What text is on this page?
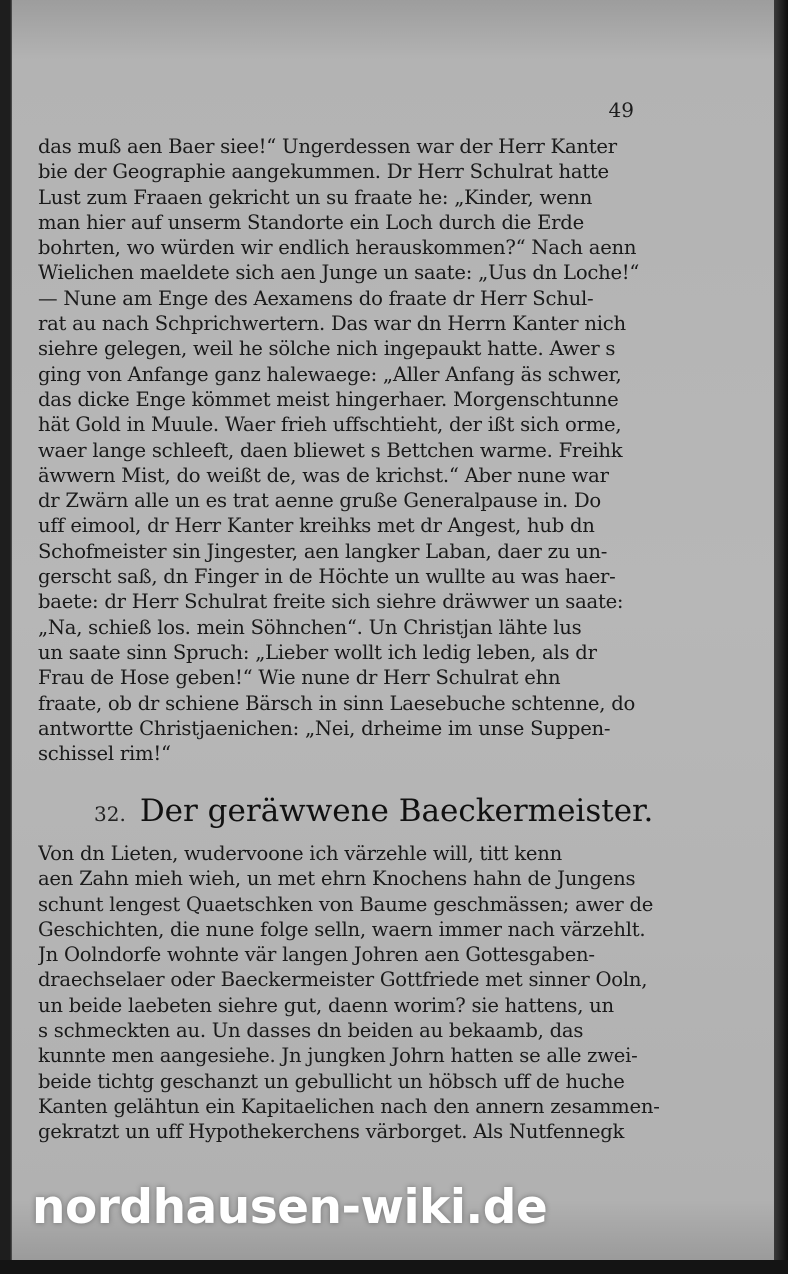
49
das muß aen Baer siee!“ Ungerdessen war der Herr Kanter
bie der Geographie aangekummen. Dr Herr Schulrat hatte
Lust zum Fraaen gekricht un su fraate he: „Kinder, wenn
man hier auf unserm Standorte ein Loch durch die Erde
bohrten, wo würden wir endlich herauskommen?“ Nach aenn
Wielichen maeldete sich aen Junge un saate: „Uus dn Loche!“
— Nune am Enge des Aexamens do fraate dr Herr Schul-
rat au nach Schprichwertern. Das war dn Herrn Kanter nich
siehre gelegen, weil he sölche nich ingepaukt hatte. Awer s
ging von Anfange ganz halewaege: „Aller Anfang äs schwer,
das dicke Enge kömmet meist hingerhaer. Morgenschtunne
hät Gold in Muule. Waer frieh uffschtieht, der ißt sich orme,
waer lange schleeft, daen bliewet s Bettchen warme. Freihk
äwwern Mist, do weißt de, was de krichst.“ Aber nune war
dr Zwärn alle un es trat aenne gruße Generalpause in. Do
uff eimool, dr Herr Kanter kreihks met dr Angest, hub dn
Schofmeister sin Jingester, aen langker Laban, daer zu un-
gerscht saß, dn Finger in de Höchte un wullte au was haer-
baete: dr Herr Schulrat freite sich siehre dräwwer un saate:
„Na, schieß los. mein Söhnchen“. Un Christjan lähte lus
un saate sinn Spruch: „Lieber wollt ich ledig leben, als dr
Frau de Hose geben!“ Wie nune dr Herr Schulrat ehn
fraate, ob dr schiene Bärsch in sinn Laesebuche schtenne, do
antwortte Christjaenichen: „Nei, drheime im unse Suppen-
schissel rim!“
32. Der geräwwene Baeckermeister.
Von dn Lieten, wudervoone ich värzehle will, titt kenn
aen Zahn mieh wieh, un met ehrn Knochens hahn de Jungens
schunt lengest Quaetschken von Baume geschmässen; awer de
Geschichten, die nune folge selln, waern immer nach värzehlt.
Jn Oolndorfe wohnte vär langen Johren aen Gottesgaben-
draechselaer oder Baeckermeister Gottfriede met sinner Ooln,
un beide laebeten siehre gut, daenn worim? sie hattens, un
s schmeckten au. Un dasses dn beiden au bekaamb, das
kunnte men aangesiehe. Jn jungken Johrn hatten se alle zwei-
beide tichtg geschanzt un gebullicht un höbsch uff de huche
Kanten gelähtun ein Kapitaelichen nach den annern zesammen-
gekratzt un uff Hypothekerchens värborget. Als Nutfennegk
nordhausen-wiki.de
